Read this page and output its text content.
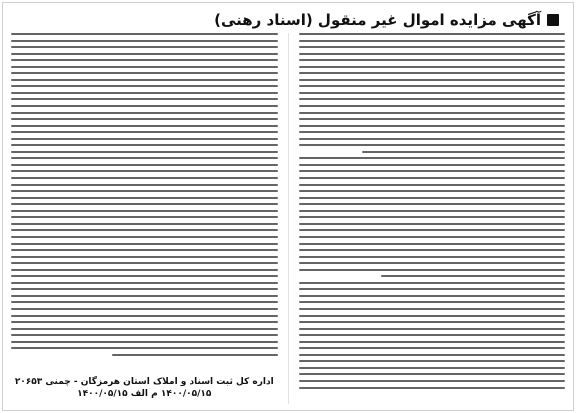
آگهی مزایده اموال غیر منقول (اسناد رهنی)
اداره کل ثبت اسناد و املاک استان هرمزگان - چمنی ۲۰۶۵۳
۱۴۰۰/۰۵/۱۵ م الف ۱۴۰۰/۰۵/۱۵
